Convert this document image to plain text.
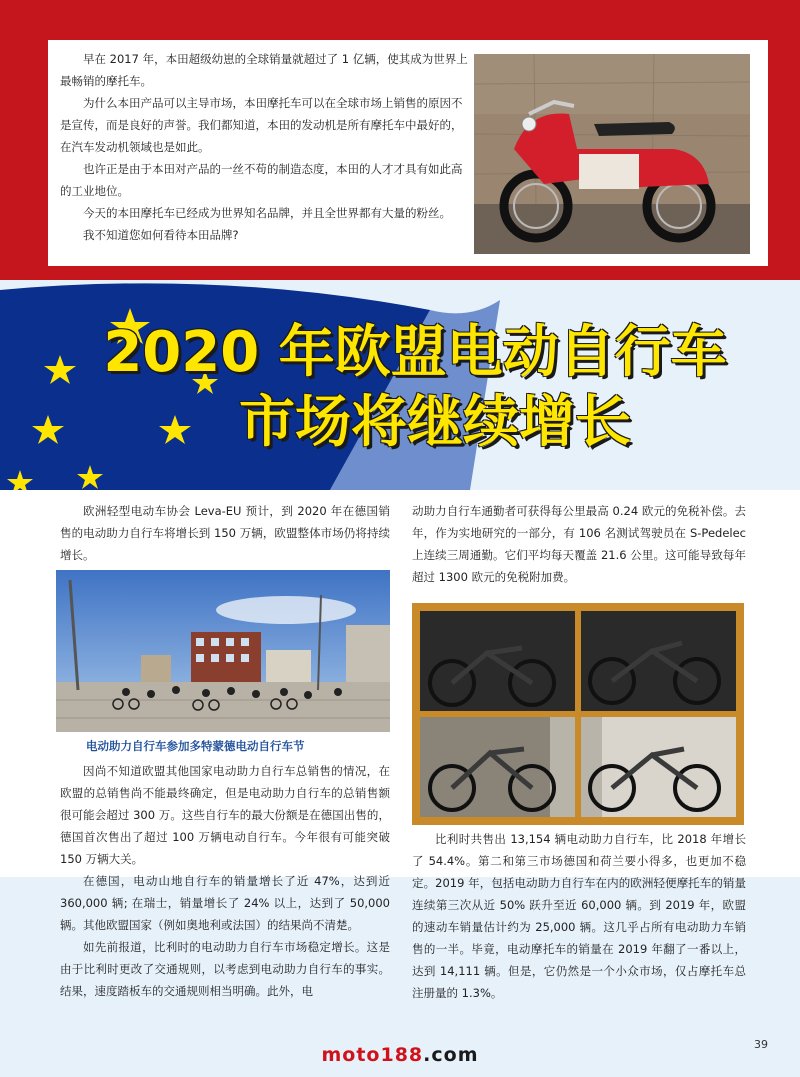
早在 2017 年，本田超级幼崽的全球销量就超过了 1 亿辆，使其成为世界上最畅销的摩托车。

为什么本田产品可以主导市场，本田摩托车可以在全球市场上销售的原因不是宣传，而是良好的声誉。我们都知道，本田的发动机是所有摩托车中最好的，在汽车发动机领域也是如此。

也许正是由于本田对产品的一丝不苟的制造态度，本田的人才才具有如此高的工业地位。

今天的本田摩托车已经成为世界知名品牌，并且全世界都有大量的粉丝。

我不知道您如何看待本田品牌?

2020 年欧盟电动自行车
市场将继续增长

欧洲轻型电动车协会 Leva-EU 预计，到 2020 年在德国销售的电动助力自行车将增长到 150 万辆，欧盟整体市场仍将持续增长。

电动助力自行车参加多特蒙德电动自行车节

因尚不知道欧盟其他国家电动助力自行车总销售的情况，在欧盟的总销售尚不能最终确定，但是电动助力自行车的总销售额很可能会超过 300 万。这些自行车的最大份额是在德国出售的，德国首次售出了超过 100 万辆电动自行车。今年很有可能突破 150 万辆大关。

在德国，电动山地自行车的销量增长了近 47%，达到近 360,000 辆; 在瑞士，销量增长了 24% 以上，达到了 50,000 辆。其他欧盟国家（例如奥地利或法国）的结果尚不清楚。

如先前报道，比利时的电动助力自行车市场稳定增长。这是由于比利时更改了交通规则，以考虑到电动助力自行车的事实。结果，速度踏板车的交通规则相当明确。此外，电

动助力自行车通勤者可获得每公里最高 0.24 欧元的免税补偿。去年，作为实地研究的一部分，有 106 名测试驾驶员在 S-Pedelec 上连续三周通勤。它们平均每天覆盖 21.6 公里。这可能导致每年超过 1300 欧元的免税附加费。

比利时共售出 13,154 辆电动助力自行车，比 2018 年增长了 54.4%。第二和第三市场德国和荷兰要小得多，也更加不稳定。2019 年，包括电动助力自行车在内的欧洲轻便摩托车的销量连续第三次从近 50% 跃升至近 60,000 辆。到 2019 年，欧盟的速动车销量估计约为 25,000 辆。这几乎占所有电动助力车销售的一半。毕竟，电动摩托车的销量在 2019 年翻了一番以上，达到 14,111 辆。但是，它仍然是一个小众市场，仅占摩托车总注册量的 1.3%。

moto188.com	39
